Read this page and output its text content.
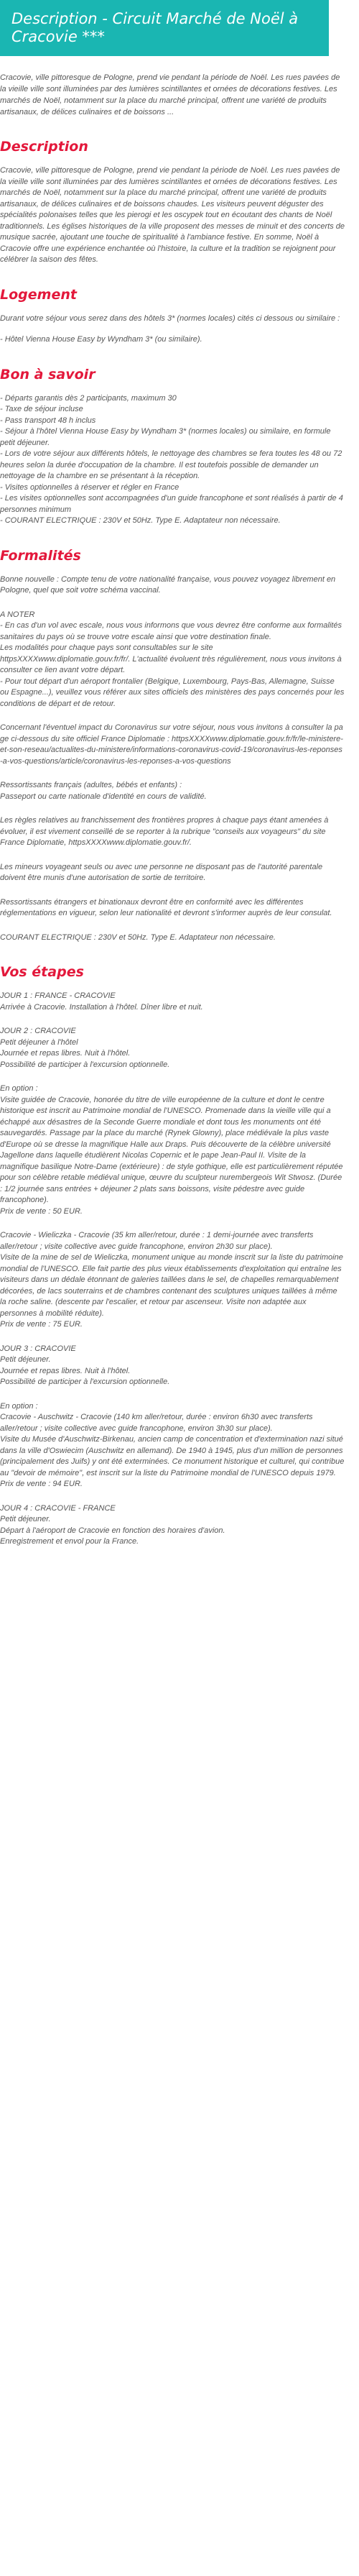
Description - Circuit Marché de Noël à Cracovie ***

Cracovie, ville pittoresque de Pologne, prend vie pendant la période de Noël. Les rues pavées de la vieille ville sont illuminées par des lumières scintillantes et ornées de décorations festives. Les marchés de Noël, notamment sur la place du marché principal, offrent une variété de produits artisanaux, de délices culinaires et de boissons ...

Description

Cracovie, ville pittoresque de Pologne, prend vie pendant la période de Noël. Les rues pavées de la vieille ville sont illuminées par des lumières scintillantes et ornées de décorations festives. Les marchés de Noël, notamment sur la place du marché principal, offrent une variété de produits artisanaux, de délices culinaires et de boissons chaudes. Les visiteurs peuvent déguster des spécialités polonaises telles que les pierogi et les oscypek tout en écoutant des chants de Noël traditionnels. Les églises historiques de la ville proposent des messes de minuit et des concerts de musique sacrée, ajoutant une touche de spiritualité à l'ambiance festive. En somme, Noël à Cracovie offre une expérience enchantée où l'histoire, la culture et la tradition se rejoignent pour célébrer la saison des fêtes.

Logement

Durant votre séjour vous serez dans des hôtels 3* (normes locales) cités ci dessous ou similaire :

- Hôtel Vienna House Easy by Wyndham 3* (ou similaire).

Bon à savoir
- Départs garantis dès 2 participants, maximum 30
- Taxe de séjour incluse
- Pass transport 48 h inclus
- Séjour à l'hôtel Vienna House Easy by Wyndham 3* (normes locales) ou similaire, en formule petit déjeuner.
- Lors de votre séjour aux différents hôtels, le nettoyage des chambres se fera toutes les 48 ou 72 heures selon la durée d'occupation de la chambre. Il est toutefois possible de demander un nettoyage de la chambre en se présentant à la réception.
- Visites optionnelles à réserver et régler en France
- Les visites optionnelles sont accompagnées d'un guide francophone et sont réalisés à partir de 4 personnes minimum
- COURANT ELECTRIQUE : 230V et 50Hz. Type E. Adaptateur non nécessaire.
Formalités

Bonne nouvelle : Compte tenu de votre nationalité française, vous pouvez voyagez librement en Pologne, quel que soit votre schéma vaccinal.

A NOTER
- En cas d'un vol avec escale, nous vous informons que vous devrez être conforme aux formalités sanitaires du pays où se trouve votre escale ainsi que votre destination finale.
Les modalités pour chaque pays sont consultables sur le site httpsXXXXwww.diplomatie.gouv.fr/fr/. L'actualité évoluent très régulièrement, nous vous invitons à consulter ce lien avant votre départ.
- Pour tout départ d'un aéroport frontalier (Belgique, Luxembourg, Pays-Bas, Allemagne, Suisse ou Espagne...), veuillez vous référer aux sites officiels des ministères des pays concernés pour les conditions de départ et de retour.

Concernant l'éventuel impact du Coronavirus sur votre séjour, nous vous invitons à consulter la page ci-dessous du site officiel France Diplomatie : httpsXXXXwww.diplomatie.gouv.fr/fr/le-ministere-et-son-reseau/actualites-du-ministere/informations-coronavirus-covid-19/coronavirus-les-reponses-a-vos-questions/article/coronavirus-les-reponses-a-vos-questions

Ressortissants français (adultes, bébés et enfants) :
Passeport ou carte nationale d'identité en cours de validité.

Les règles relatives au franchissement des frontières propres à chaque pays étant amenées à évoluer, il est vivement conseillé de se reporter à la rubrique "conseils aux voyageurs" du site France Diplomatie, httpsXXXXwww.diplomatie.gouv.fr/.

Les mineurs voyageant seuls ou avec une personne ne disposant pas de l'autorité parentale doivent être munis d'une autorisation de sortie de territoire.

Ressortissants étrangers et binationaux devront être en conformité avec les différentes réglementations en vigueur, selon leur nationalité et devront s'informer auprès de leur consulat.

COURANT ELECTRIQUE : 230V et 50Hz. Type E. Adaptateur non nécessaire.

Vos étapes

JOUR 1 : FRANCE - CRACOVIE
Arrivée à Cracovie. Installation à l'hôtel. Dîner libre et nuit.

JOUR 2 : CRACOVIE
Petit déjeuner à l'hôtel
Journée et repas libres. Nuit à l'hôtel.
Possibilité de participer à l'excursion optionnelle.

En option :
Visite guidée de Cracovie, honorée du titre de ville européenne de la culture et dont le centre historique est inscrit au Patrimoine mondial de l'UNESCO. Promenade dans la vieille ville qui a échappé aux désastres de la Seconde Guerre mondiale et dont tous les monuments ont été sauvegardés. Passage par la place du marché (Rynek Glowny), place médiévale la plus vaste d'Europe où se dresse la magnifique Halle aux Draps. Puis découverte de la célèbre université Jagellone dans laquelle étudièrent Nicolas Copernic et le pape Jean-Paul II. Visite de la magnifique basilique Notre-Dame (extérieure) : de style gothique, elle est particulièrement réputée pour son célèbre retable médiéval unique, œuvre du sculpteur nurembergeois Wit Stwosz. (Durée : 1/2 journée sans entrées + déjeuner 2 plats sans boissons, visite pédestre avec guide francophone).
Prix de vente : 50 EUR.

Cracovie - Wieliczka - Cracovie (35 km aller/retour, durée : 1 demi-journée avec transferts aller/retour ; visite collective avec guide francophone, environ 2h30 sur place).
Visite de la mine de sel de Wieliczka, monument unique au monde inscrit sur la liste du patrimoine mondial de l'UNESCO. Elle fait partie des plus vieux établissements d'exploitation qui entraîne les visiteurs dans un dédale étonnant de galeries taillées dans le sel, de chapelles remarquablement décorées, de lacs souterrains et de chambres contenant des sculptures uniques taillées à même la roche saline. (descente par l'escalier, et retour par ascenseur. Visite non adaptée aux personnes à mobilité réduite).
Prix de vente : 75 EUR.

JOUR 3 : CRACOVIE
Petit déjeuner.
Journée et repas libres. Nuit à l'hôtel.
Possibilité de participer à l'excursion optionnelle.

En option :
Cracovie - Auschwitz - Cracovie (140 km aller/retour, durée : environ 6h30 avec transferts aller/retour ; visite collective avec guide francophone, environ 3h30 sur place).
Visite du Musée d'Auschwitz-Birkenau, ancien camp de concentration et d'extermination nazi situé dans la ville d'Oswiecim (Auschwitz en allemand). De 1940 à 1945, plus d'un million de personnes (principalement des Juifs) y ont été exterminées. Ce monument historique et culturel, qui contribue au "devoir de mémoire", est inscrit sur la liste du Patrimoine mondial de l'UNESCO depuis 1979.
Prix de vente : 94 EUR.

JOUR 4 : CRACOVIE - FRANCE
Petit déjeuner.
Départ à l'aéroport de Cracovie en fonction des horaires d'avion.
Enregistrement et envol pour la France.
